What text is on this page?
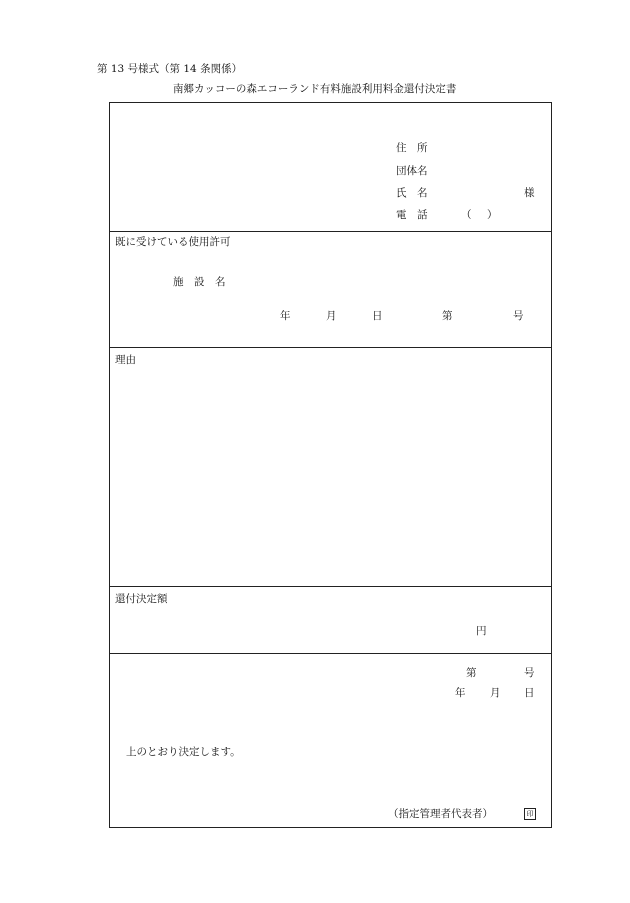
第 13 号様式（第 14 条関係）
南郷カッコーの森エコーランド有料施設利用料金還付決定書
住　所
団体名
氏　名	様
電　話	（ ）
既に受けている使用許可
施　設　名
年	月	日	第	号
理由
還付決定額
円
第	号
年 月 日
上のとおり決定します。
（指定管理者代表者）	印
